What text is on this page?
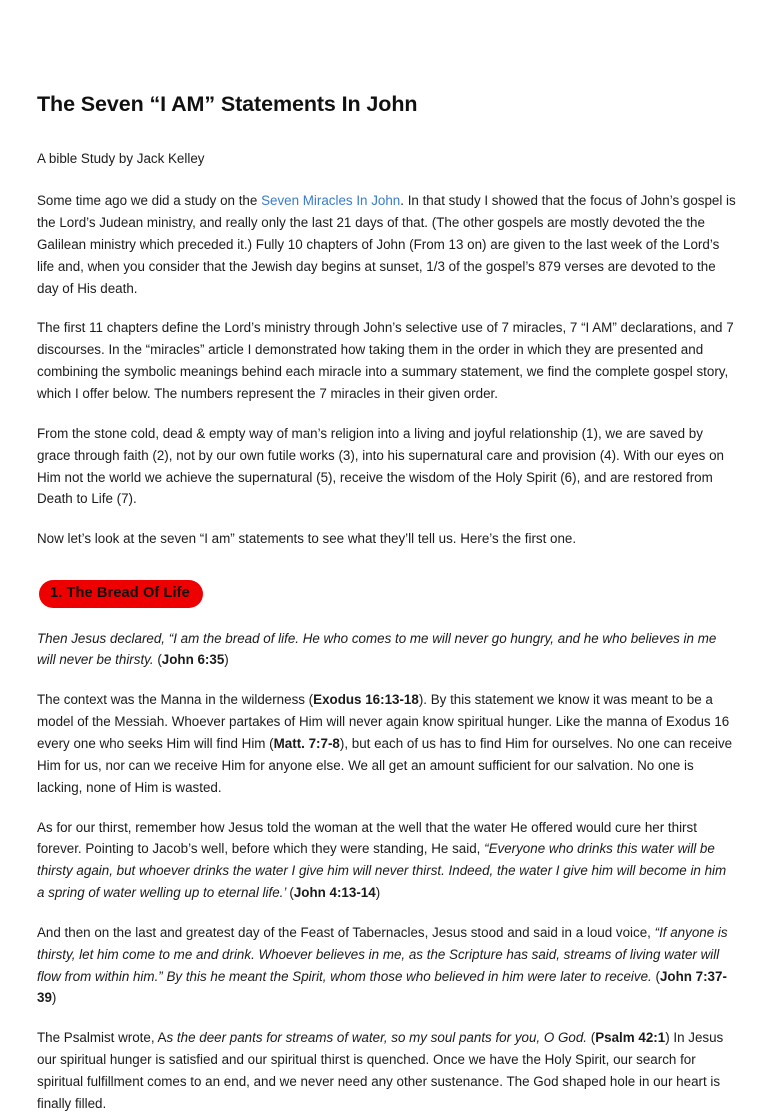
The Seven “I AM” Statements In John

A bible Study by Jack Kelley

Some time ago we did a study on the Seven Miracles In John. In that study I showed that the focus of John’s gospel is the Lord’s Judean ministry, and really only the last 21 days of that. (The other gospels are mostly devoted the the Galilean ministry which preceded it.) Fully 10 chapters of John (From 13 on) are given to the last week of the Lord’s life and, when you consider that the Jewish day begins at sunset, 1/3 of the gospel’s 879 verses are devoted to the day of His death.

The first 11 chapters define the Lord’s ministry through John’s selective use of 7 miracles, 7 “I AM” declarations, and 7 discourses. In the “miracles” article I demonstrated how taking them in the order in which they are presented and combining the symbolic meanings behind each miracle into a summary statement, we find the complete gospel story, which I offer below. The numbers represent the 7 miracles in their given order.

From the stone cold, dead & empty way of man’s religion into a living and joyful relationship (1), we are saved by grace through faith (2), not by our own futile works (3), into his supernatural care and provision (4). With our eyes on Him not the world we achieve the supernatural (5), receive the wisdom of the Holy Spirit (6), and are restored from Death to Life (7).

Now let’s look at the seven “I am” statements to see what they’ll tell us. Here’s the first one.

1. The Bread Of Life

Then Jesus declared, “I am the bread of life. He who comes to me will never go hungry, and he who believes in me will never be thirsty. (John 6:35)

The context was the Manna in the wilderness (Exodus 16:13-18). By this statement we know it was meant to be a model of the Messiah. Whoever partakes of Him will never again know spiritual hunger. Like the manna of Exodus 16 every one who seeks Him will find Him (Matt. 7:7-8), but each of us has to find Him for ourselves. No one can receive Him for us, nor can we receive Him for anyone else. We all get an amount sufficient for our salvation. No one is lacking, none of Him is wasted.

As for our thirst, remember how Jesus told the woman at the well that the water He offered would cure her thirst forever. Pointing to Jacob’s well, before which they were standing, He said, “Everyone who drinks this water will be thirsty again, but whoever drinks the water I give him will never thirst. Indeed, the water I give him will become in him a spring of water welling up to eternal life.’ (John 4:13-14)

And then on the last and greatest day of the Feast of Tabernacles, Jesus stood and said in a loud voice, “If anyone is thirsty, let him come to me and drink. Whoever believes in me, as the Scripture has said, streams of living water will flow from within him.” By this he meant the Spirit, whom those who believed in him were later to receive. (John 7:37-39)

The Psalmist wrote, As the deer pants for streams of water, so my soul pants for you, O God. (Psalm 42:1) In Jesus our spiritual hunger is satisfied and our spiritual thirst is quenched. Once we have the Holy Spirit, our search for spiritual fulfillment comes to an end, and we never need any other sustenance. The God shaped hole in our heart is finally filled.
